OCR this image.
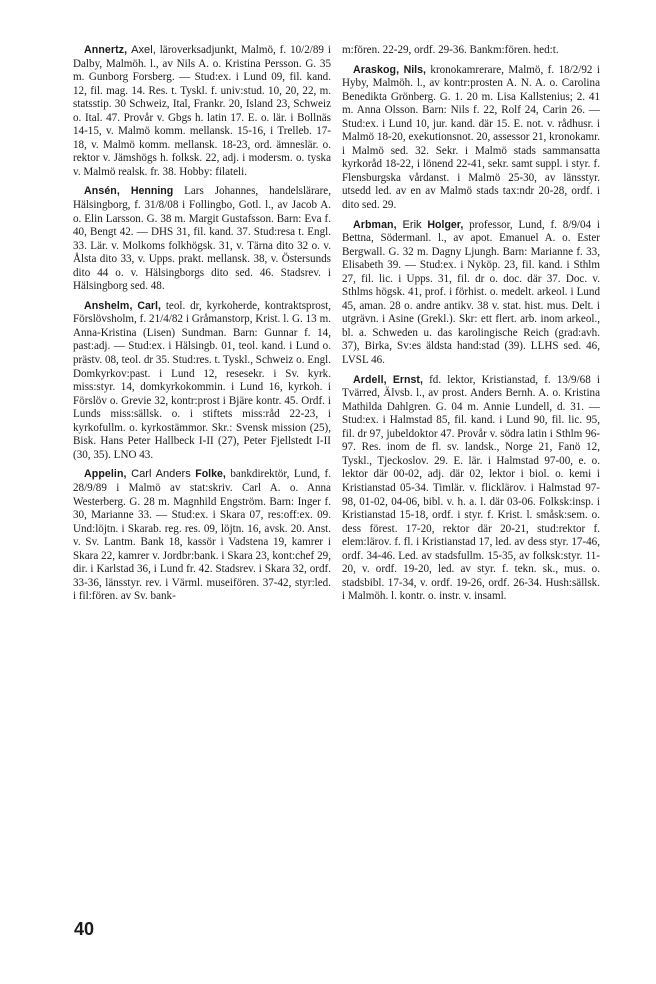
Annertz, Axel, läroverksadjunkt, Malmö, f. 10/2/89 i Dalby, Malmöh. l., av Nils A. o. Kristina Persson. G. 35 m. Gunborg Forsberg. — Stud:ex. i Lund 09, fil. kand. 12, fil. mag. 14. Res. t. Tyskl. f. univ:stud. 10, 20, 22, m. statsstip. 30 Schweiz, Ital, Frankr. 20, Island 23, Schweiz o. Ital. 47. Provår v. Gbgs h. latin 17. E. o. lär. i Bollnäs 14-15, v. Malmö komm. mellansk. 15-16, i Trelleb. 17-18, v. Malmö komm. mellansk. 18-23, ord. ämneslär. o. rektor v. Jämshögs h. folksk. 22, adj. i modersm. o. tyska v. Malmö realsk. fr. 38. Hobby: filateli.

Ansén, Henning Lars Johannes, handelslärare, Hälsingborg, f. 31/8/08 i Follingbo, Gotl. l., av Jacob A. o. Elin Larsson. G. 38 m. Margit Gustafsson. Barn: Eva f. 40, Bengt 42. — DHS 31, fil. kand. 37. Stud:resa t. Engl. 33. Lär. v. Molkoms folkhögsk. 31, v. Tärna dito 32 o. v. Ålsta dito 33, v. Upps. prakt. mellansk. 38, v. Östersunds dito 44 o. v. Hälsingborgs dito sed. 46. Stadsrev. i Hälsingborg sed. 48.

Anshelm, Carl, teol. dr, kyrkoherde, kontraktsprost, Förslövsholm, f. 21/4/82 i Gråmanstorp, Krist. l. G. 13 m. Anna-Kristina (Lisen) Sundman. Barn: Gunnar f. 14, past:adj. — Stud:ex. i Hälsingb. 01, teol. kand. i Lund o. prästv. 08, teol. dr 35. Stud:res. t. Tyskl., Schweiz o. Engl. Domkyrkov:past. i Lund 12, resesekr. i Sv. kyrk. miss:styr. 14, domkyrkokommin. i Lund 16, kyrkoh. i Förslöv o. Grevie 32, kontr:prost i Bjäre kontr. 45. Ordf. i Lunds miss:sällsk. o. i stiftets miss:råd 22-23, i kyrkofullm. o. kyrkostämmor. Skr.: Svensk mission (25), Bisk. Hans Peter Hallbeck I-II (27), Peter Fjellstedt I-II (30, 35). LNO 43.

Appelin, Carl Anders Folke, bankdirektör, Lund, f. 28/9/89 i Malmö av stat:skriv. Carl A. o. Anna Westerberg. G. 28 m. Magnhild Engström. Barn: Inger f. 30, Marianne 33. — Stud:ex. i Skara 07, res:off:ex. 09. Und:löjtn. i Skarab. reg. res. 09, löjtn. 16, avsk. 20. Anst. v. Sv. Lantm. Bank 18, kassör i Vadstena 19, kamrer i Skara 22, kamrer v. Jordbr:bank. i Skara 23, kont:chef 29, dir. i Karlstad 36, i Lund fr. 42. Stadsrev. i Skara 32, ordf. 33-36, länsstyr. rev. i Värml. museifören. 37-42, styr:led. i fil:fören. av Sv. bank-

m:fören. 22-29, ordf. 29-36. Bankm:fören. hed:t.

Araskog, Nils, kronokamrerare, Malmö, f. 18/2/92 i Hyby, Malmöh. l., av kontr:prosten A. N. A. o. Carolina Benedikta Grönberg. G. 1. 20 m. Lisa Kallstenius; 2. 41 m. Anna Olsson. Barn: Nils f. 22, Rolf 24, Carin 26. — Stud:ex. i Lund 10, jur. kand. där 15. E. not. v. rådhusr. i Malmö 18-20, exekutionsnot. 20, assessor 21, kronokamr. i Malmö sed. 32. Sekr. i Malmö stads sammansatta kyrkoråd 18-22, i lönend 22-41, sekr. samt suppl. i styr. f. Flensburgska vårdanst. i Malmö 25-30, av länsstyr. utsedd led. av en av Malmö stads tax:ndr 20-28, ordf. i dito sed. 29.

Arbman, Erik Holger, professor, Lund, f. 8/9/04 i Bettna, Södermanl. l., av apot. Emanuel A. o. Ester Bergwall. G. 32 m. Dagny Ljungh. Barn: Marianne f. 33, Elisabeth 39. — Stud:ex. i Nyköp. 23, fil. kand. i Sthlm 27, fil. lic. i Upps. 31, fil. dr o. doc. där 37. Doc. v. Sthlms högsk. 41, prof. i förhist. o. medelt. arkeol. i Lund 45, aman. 28 o. andre antikv. 38 v. stat. hist. mus. Delt. i utgrävn. i Asine (Grekl.). Skr: ett flert. arb. inom arkeol., bl. a. Schweden u. das karolingische Reich (grad:avh. 37), Birka, Sv:es äldsta hand:stad (39). LLHS sed. 46, LVSL 46.

Ardell, Ernst, fd. lektor, Kristianstad, f. 13/9/68 i Tvärred, Älvsb. l., av prost. Anders Bernh. A. o. Kristina Mathilda Dahlgren. G. 04 m. Annie Lundell, d. 31. — Stud:ex. i Halmstad 85, fil. kand. i Lund 90, fil. lic. 95, fil. dr 97, jubeldoktor 47. Provår v. södra latin i Sthlm 96-97. Res. inom de fl. sv. landsk., Norge 21, Fanö 12, Tyskl., Tjeckoslov. 29. E. lär. i Halmstad 97-00, e. o. lektor där 00-02, adj. där 02, lektor i biol. o. kemi i Kristianstad 05-34. Timlär. v. flicklärov. i Halmstad 97-98, 01-02, 04-06, bibl. v. h. a. l. där 03-06. Folksk:insp. i Kristianstad 15-18, ordf. i styr. f. Krist. l. småsk:sem. o. dess förest. 17-20, rektor där 20-21, stud:rektor f. elem:lärov. f. fl. i Kristianstad 17, led. av dess styr. 17-46, ordf. 34-46. Led. av stadsfullm. 15-35, av folksk:styr. 11-20, v. ordf. 19-20, led. av styr. f. tekn. sk., mus. o. stadsbibl. 17-34, v. ordf. 19-26, ordf. 26-34. Hush:sällsk. i Malmöh. l. kontr. o. instr. v. insaml.

40
